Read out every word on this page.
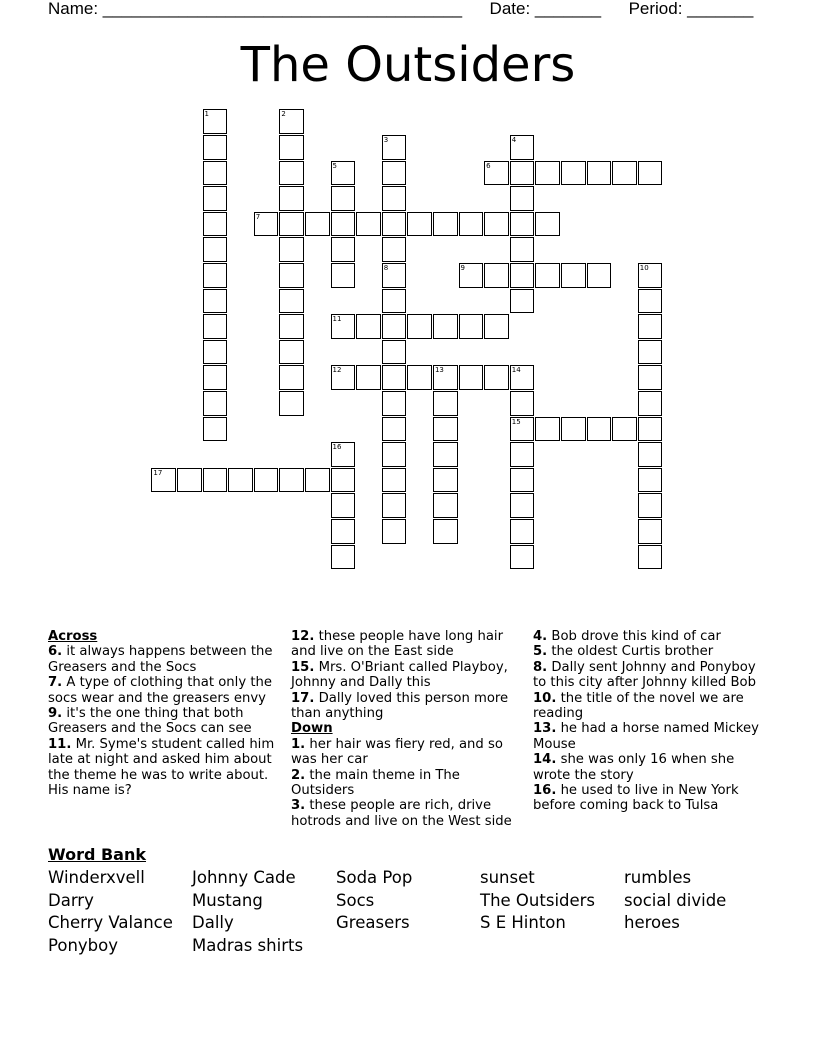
Name: ______________________________________ Date: _______ Period: _______
The Outsiders
1	2
3
8
4
5	6
7
9	10
11
12	13	14
15
16
17
Across

6. it always happens between the Greasers and the Socs

7. A type of clothing that only the socs wear and the greasers envy

9. it's the one thing that both Greasers and the Socs can see

11. Mr. Syme's student called him late at night and asked him about the theme he was to write about. His name is?

12. these people have long hair and live on the East side

15. Mrs. O'Briant called Playboy, Johnny and Dally this

17. Dally loved this person more than anything

Down

1. her hair was fiery red, and so was her car

2. the main theme in The Outsiders

3. these people are rich, drive hotrods and live on the West side

4. Bob drove this kind of car

5. the oldest Curtis brother

8. Dally sent Johnny and Ponyboy to this city after Johnny killed Bob

10. the title of the novel we are reading

13. he had a horse named Mickey Mouse

14. she was only 16 when she wrote the story

16. he used to live in New York before coming back to Tulsa

Word Bank
Winderxvell
Darry
Cherry Valance
Ponyboy
Johnny Cade
Mustang
Dally
Madras shirts
Soda Pop
Socs
Greasers
sunset
The Outsiders
S E Hinton
rumbles
social divide
heroes
